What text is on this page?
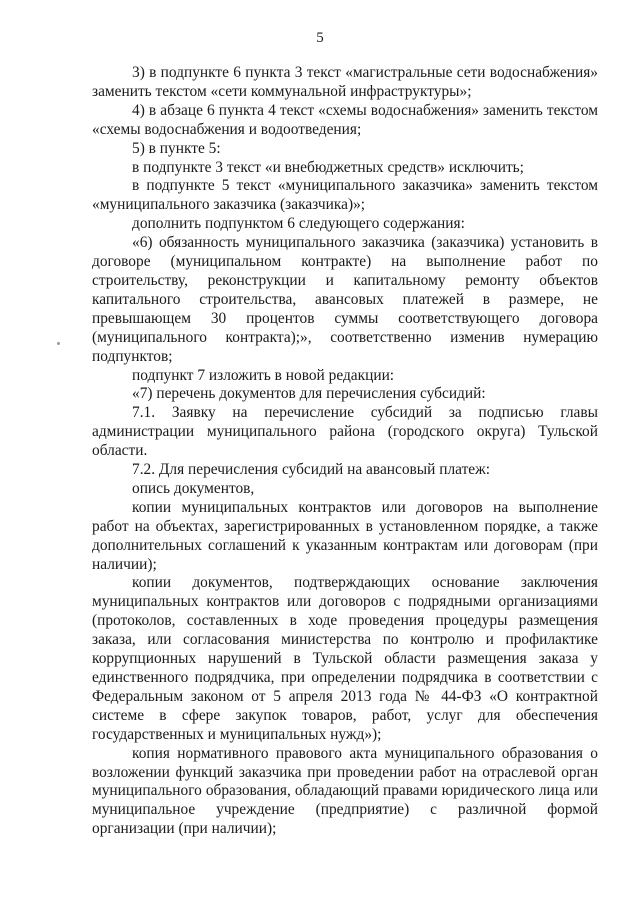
5

3) в подпункте 6 пункта 3 текст «магистральные сети водоснабжения» заменить текстом «сети коммунальной инфраструктуры»;

4) в абзаце 6 пункта 4 текст «схемы водоснабжения» заменить текстом «схемы водоснабжения и водоотведения;

5) в пункте 5:

в подпункте 3 текст «и внебюджетных средств» исключить;

в подпункте 5 текст «муниципального заказчика» заменить текстом «муниципального заказчика (заказчика)»;

дополнить подпунктом 6 следующего содержания:

«6) обязанность муниципального заказчика (заказчика) установить в договоре (муниципальном контракте) на выполнение работ по строительству, реконструкции и капитальному ремонту объектов капитального строительства, авансовых платежей в размере, не превышающем 30 процентов суммы соответствующего договора (муниципального контракта);», соответственно изменив нумерацию подпунктов;

подпункт 7 изложить в новой редакции:

«7) перечень документов для перечисления субсидий:

7.1. Заявку на перечисление субсидий за подписью главы администрации муниципального района (городского округа) Тульской области.

7.2. Для перечисления субсидий на авансовый платеж:

опись документов,

копии муниципальных контрактов или договоров на выполнение работ на объектах, зарегистрированных в установленном порядке, а также дополнительных соглашений к указанным контрактам или договорам (при наличии);

копии документов, подтверждающих основание заключения муниципальных контрактов или договоров с подрядными организациями (протоколов, составленных в ходе проведения процедуры размещения заказа, или согласования министерства по контролю и профилактике коррупционных нарушений в Тульской области размещения заказа у единственного подрядчика, при определении подрядчика в соответствии с Федеральным законом от 5 апреля 2013 года № 44-ФЗ «О контрактной системе в сфере закупок товаров, работ, услуг для обеспечения государственных и муниципальных нужд»);

копия нормативного правового акта муниципального образования о возложении функций заказчика при проведении работ на отраслевой орган муниципального образования, обладающий правами юридического лица или муниципальное учреждение (предприятие) с различной формой организации (при наличии);
